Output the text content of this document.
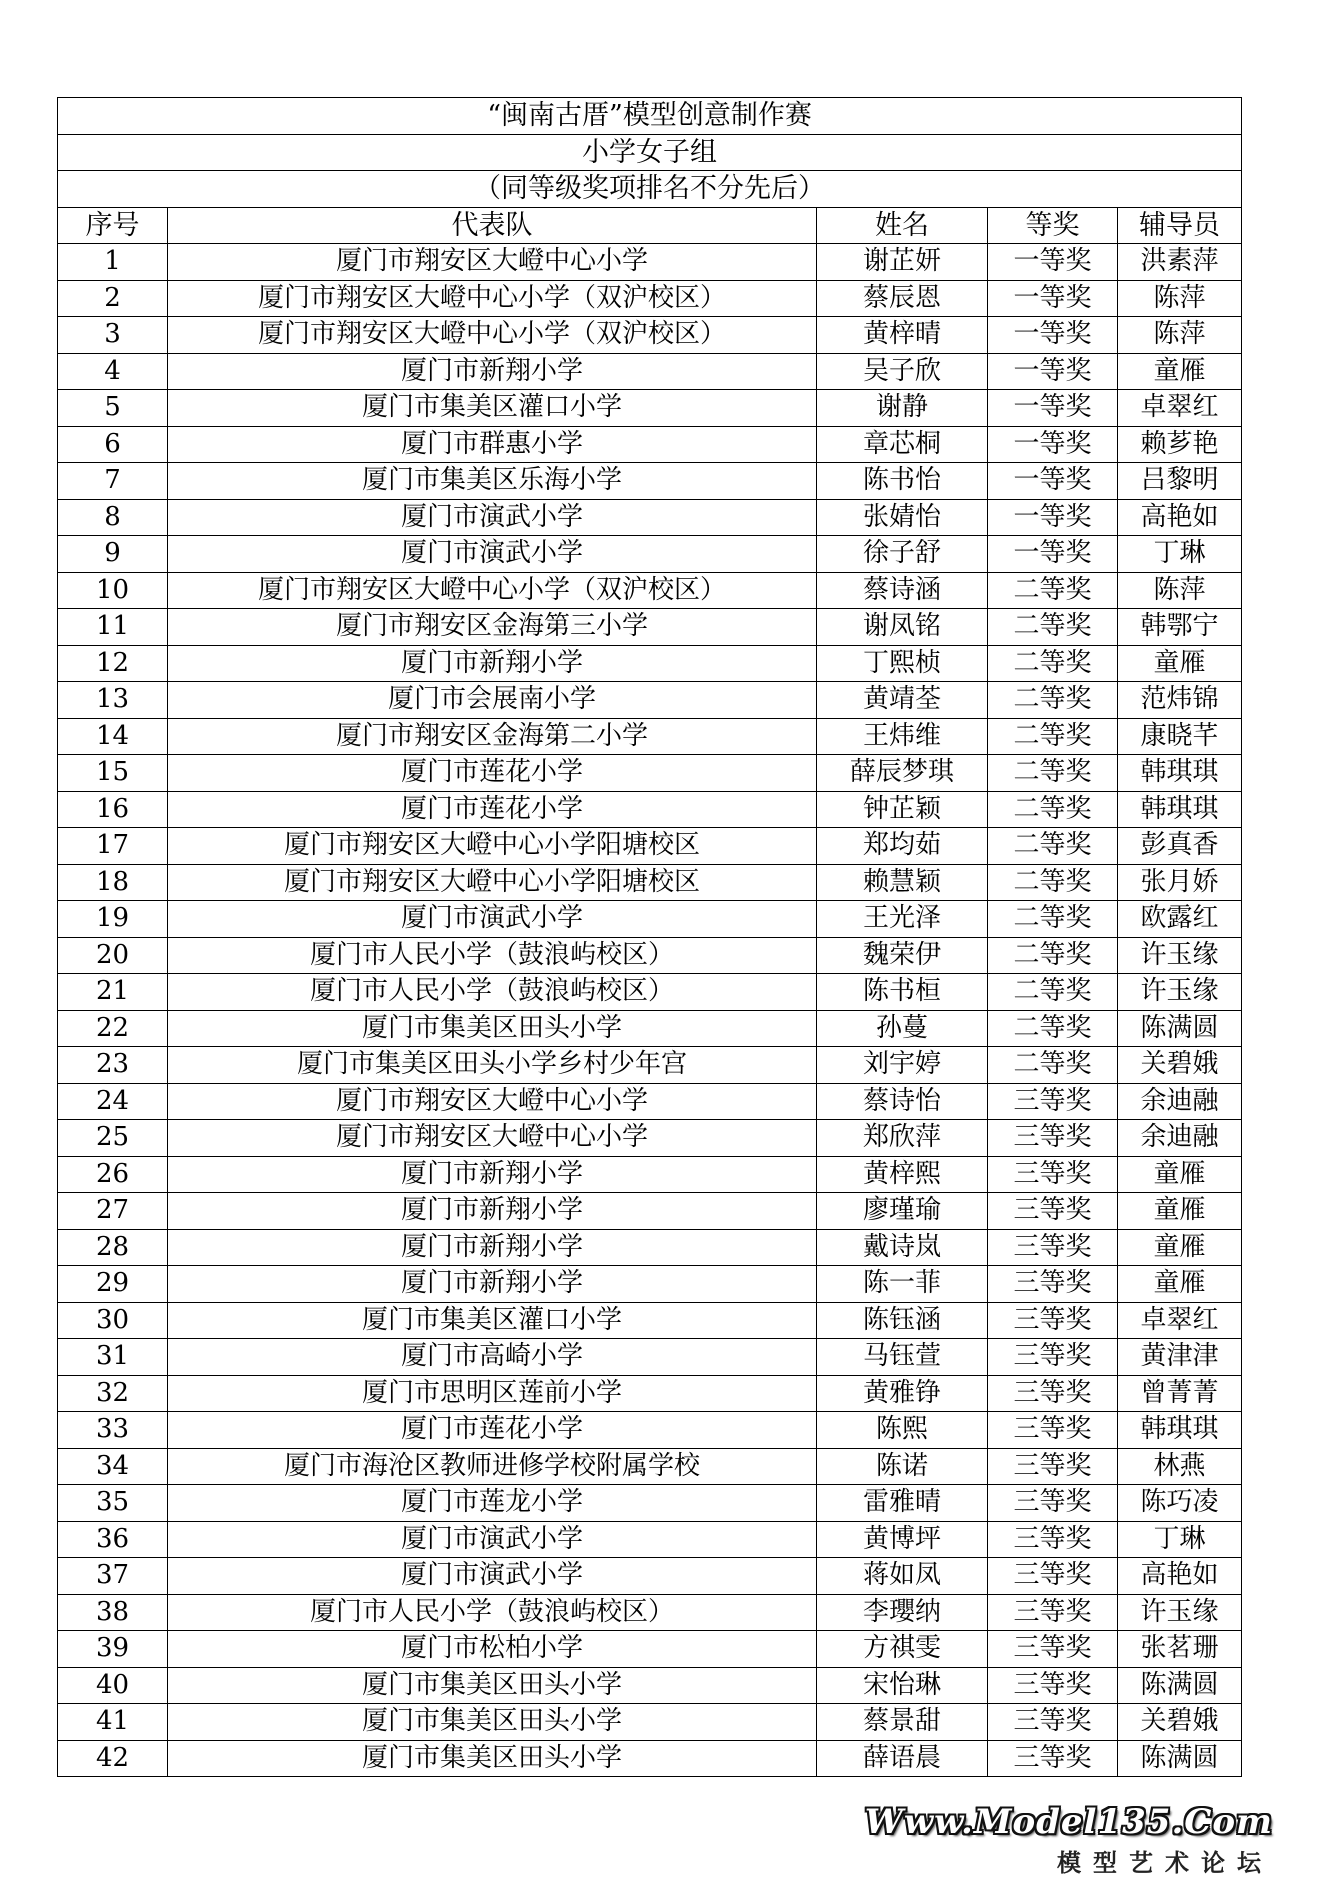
“闽南古厝”模型创意制作赛				
小学女子组				
（同等级奖项排名不分先后）				
序号	代表队	姓名	等奖	辅导员
1	厦门市翔安区大嶝中心小学	谢芷妍	一等奖	洪素萍
2	厦门市翔安区大嶝中心小学（双沪校区）	蔡辰恩	一等奖	陈萍
3	厦门市翔安区大嶝中心小学（双沪校区）	黄梓晴	一等奖	陈萍
4	厦门市新翔小学	吴子欣	一等奖	童雁
5	厦门市集美区灌口小学	谢静	一等奖	卓翠红
6	厦门市群惠小学	章芯桐	一等奖	赖芗艳
7	厦门市集美区乐海小学	陈书怡	一等奖	吕黎明
8	厦门市演武小学	张婧怡	一等奖	高艳如
9	厦门市演武小学	徐子舒	一等奖	丁琳
10	厦门市翔安区大嶝中心小学（双沪校区）	蔡诗涵	二等奖	陈萍
11	厦门市翔安区金海第三小学	谢凤铭	二等奖	韩鄂宁
12	厦门市新翔小学	丁熙桢	二等奖	童雁
13	厦门市会展南小学	黄靖荃	二等奖	范炜锦
14	厦门市翔安区金海第二小学	王炜维	二等奖	康晓芊
15	厦门市莲花小学	薛辰梦琪	二等奖	韩琪琪
16	厦门市莲花小学	钟芷颖	二等奖	韩琪琪
17	厦门市翔安区大嶝中心小学阳塘校区	郑均茹	二等奖	彭真香
18	厦门市翔安区大嶝中心小学阳塘校区	赖慧颖	二等奖	张月娇
19	厦门市演武小学	王光泽	二等奖	欧露红
20	厦门市人民小学（鼓浪屿校区）	魏荣伊	二等奖	许玉缘
21	厦门市人民小学（鼓浪屿校区）	陈书桓	二等奖	许玉缘
22	厦门市集美区田头小学	孙蔓	二等奖	陈满圆
23	厦门市集美区田头小学乡村少年宫	刘宇婷	二等奖	关碧娥
24	厦门市翔安区大嶝中心小学	蔡诗怡	三等奖	余迪融
25	厦门市翔安区大嶝中心小学	郑欣萍	三等奖	余迪融
26	厦门市新翔小学	黄梓熙	三等奖	童雁
27	厦门市新翔小学	廖瑾瑜	三等奖	童雁
28	厦门市新翔小学	戴诗岚	三等奖	童雁
29	厦门市新翔小学	陈一菲	三等奖	童雁
30	厦门市集美区灌口小学	陈钰涵	三等奖	卓翠红
31	厦门市高崎小学	马钰萱	三等奖	黄津津
32	厦门市思明区莲前小学	黄雅铮	三等奖	曾菁菁
33	厦门市莲花小学	陈熙	三等奖	韩琪琪
34	厦门市海沧区教师进修学校附属学校	陈诺	三等奖	林燕
35	厦门市莲龙小学	雷雅晴	三等奖	陈巧凌
36	厦门市演武小学	黄博坪	三等奖	丁琳
37	厦门市演武小学	蒋如凤	三等奖	高艳如
38	厦门市人民小学（鼓浪屿校区）	李瓔纳	三等奖	许玉缘
39	厦门市松柏小学	方祺雯	三等奖	张茗珊
40	厦门市集美区田头小学	宋怡琳	三等奖	陈满圆
41	厦门市集美区田头小学	蔡景甜	三等奖	关碧娥
42	厦门市集美区田头小学	薛语晨	三等奖	陈满圆
Www.Model135.Com
模型艺术论坛
